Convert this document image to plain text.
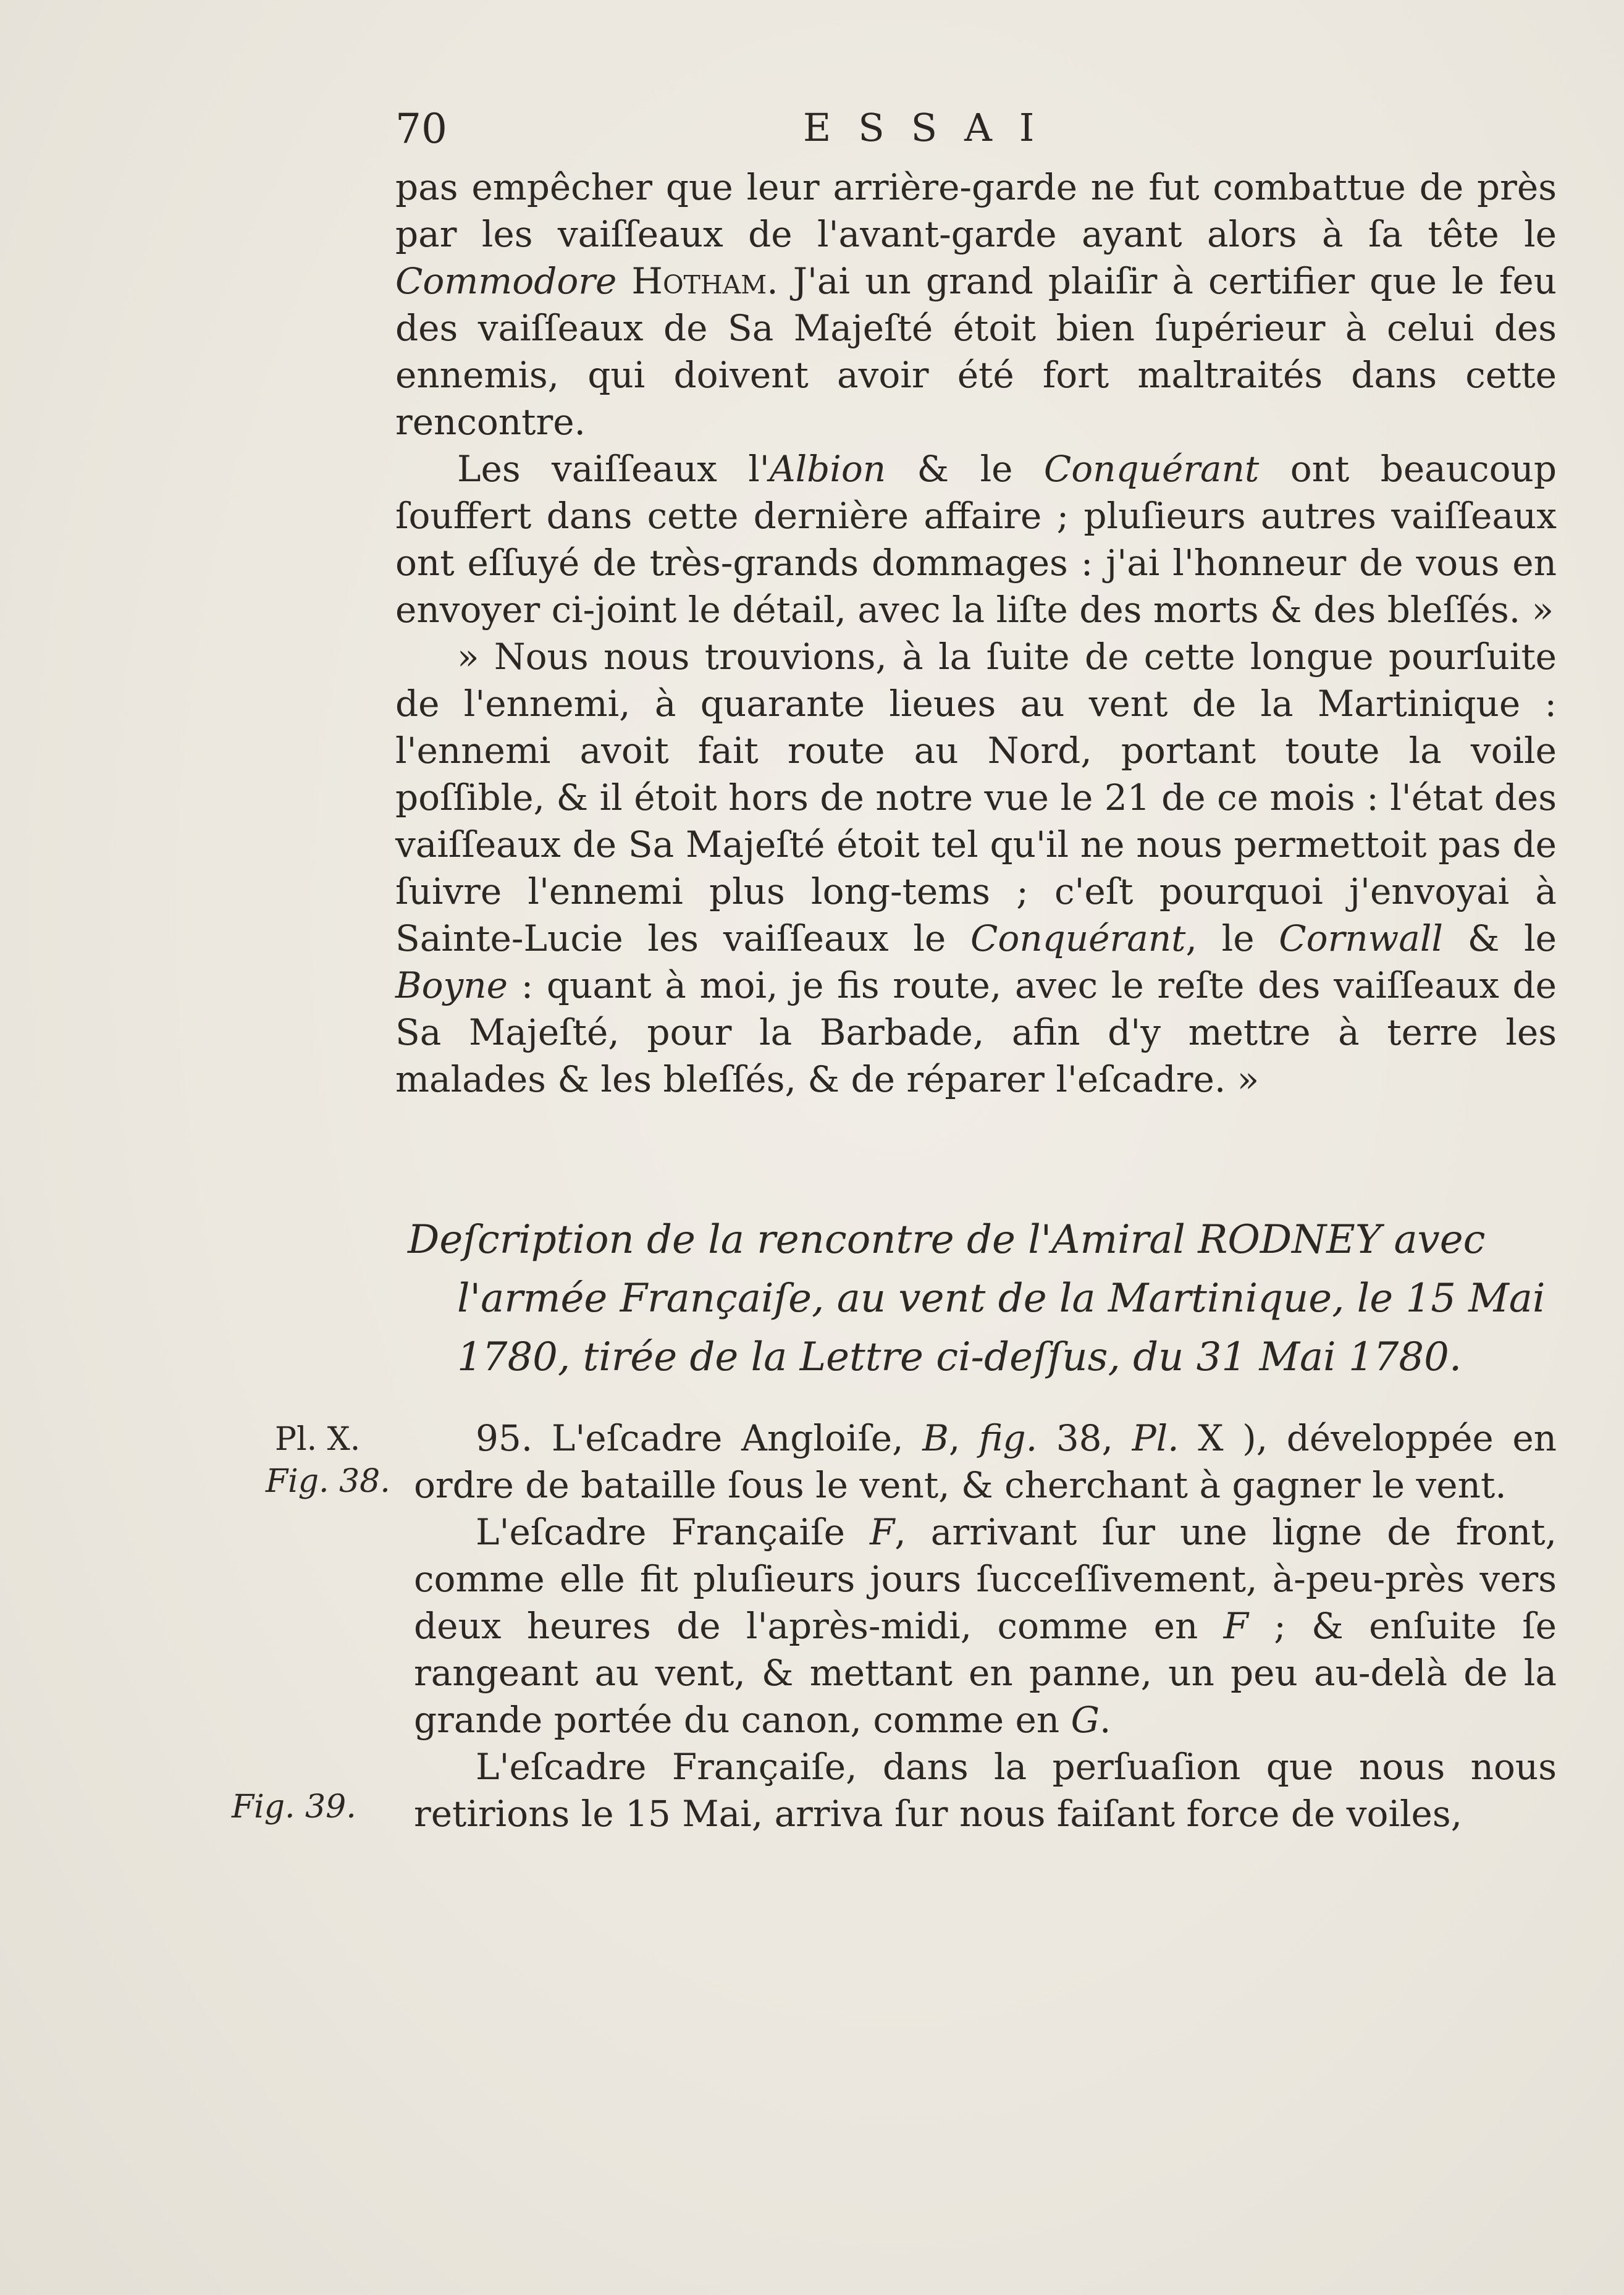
70	ESSAI

pas empêcher que leur arrière-garde ne fut combattue de près par les vaiſſeaux de l'avant-garde ayant alors à ſa tête le Commodore Hotham. J'ai un grand plaiſir à certifier que le feu des vaiſſeaux de Sa Majeſté étoit bien ſupérieur à celui des ennemis, qui doivent avoir été fort maltraités dans cette rencontre.

Les vaiſſeaux l'Albion & le Conquérant ont beaucoup ſouffert dans cette dernière affaire ; pluſieurs autres vaiſſeaux ont eſſuyé de très-grands dommages : j'ai l'honneur de vous en envoyer ci-joint le détail, avec la liſte des morts & des bleſſés. »

» Nous nous trouvions, à la ſuite de cette longue pourſuite de l'ennemi, à quarante lieues au vent de la Martinique : l'ennemi avoit fait route au Nord, portant toute la voile poſſible, & il étoit hors de notre vue le 21 de ce mois : l'état des vaiſſeaux de Sa Majeſté étoit tel qu'il ne nous permettoit pas de ſuivre l'ennemi plus long-tems ; c'eſt pourquoi j'envoyai à Sainte-Lucie les vaiſſeaux le Conquérant, le Cornwall & le Boyne : quant à moi, je fis route, avec le reſte des vaiſſeaux de Sa Majeſté, pour la Barbade, afin d'y mettre à terre les malades & les bleſſés, & de réparer l'eſcadre. »

Deſcription de la rencontre de l'Amiral RODNEY avec
l'armée Françaiſe, au vent de la Martinique, le 15 Mai
1780, tirée de la Lettre ci-deſſus, du 31 Mai 1780.
Pl. X.
Fig. 38.
Fig. 39.

95. L'eſcadre Angloiſe, B, fig. 38, Pl. X ), développée en ordre de bataille ſous le vent, & cherchant à gagner le vent.

L'eſcadre Françaiſe F, arrivant ſur une ligne de front, comme elle fit pluſieurs jours ſucceſſivement, à-peu-près vers deux heures de l'après-midi, comme en F ; & enſuite ſe rangeant au vent, & mettant en panne, un peu au-delà de la grande portée du canon, comme en G.

L'eſcadre Françaiſe, dans la perſuaſion que nous nous retirions le 15 Mai, arriva ſur nous faiſant force de voiles,
